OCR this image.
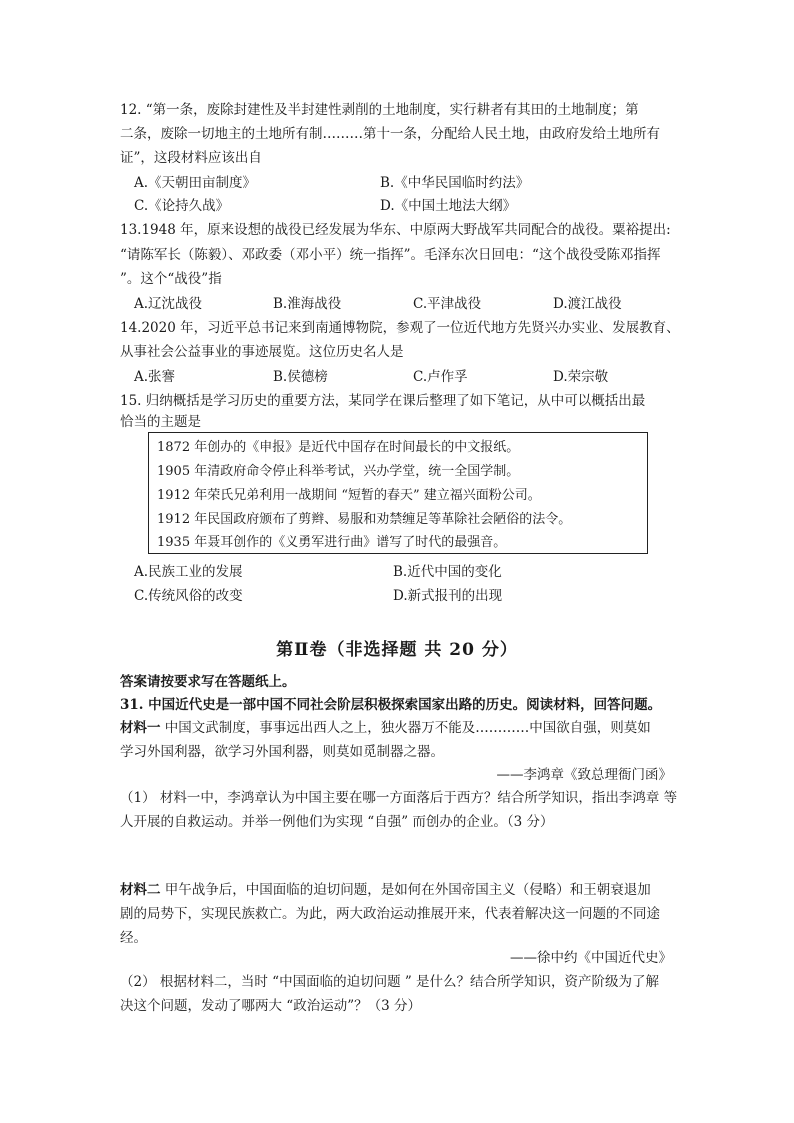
12. “第一条，废除封建性及半封建性剥削的土地制度，实行耕者有其田的土地制度；第
二条，废除一切地主的土地所有制………第十一条，分配给人民土地，由政府发给土地所有
证”，这段材料应该出自
A.《天朝田亩制度》	B.《中华民国临时约法》
C.《论持久战》	D.《中国土地法大纲》
13.1948 年，原来设想的战役已经发展为华东、中原两大野战军共同配合的战役。粟裕提出:
“请陈军长（陈毅）、邓政委（邓小平）统一指挥”。毛泽东次日回电：“这个战役受陈邓指挥
”。这个“战役”指
A.辽沈战役	B.淮海战役	C.平津战役	D.渡江战役
14.2020 年，习近平总书记来到南通博物院，参观了一位近代地方先贤兴办实业、发展教育、
从事社会公益事业的事迹展览。这位历史名人是
A.张謇	B.侯德榜	C.卢作孚	D.荣宗敬
15. 归纳概括是学习历史的重要方法，某同学在课后整理了如下笔记，从中可以概括出最
恰当的主题是
1872 年创办的《申报》是近代中国存在时间最长的中文报纸。
1905 年清政府命令停止科举考试，兴办学堂，统一全国学制。
1912 年荣氏兄弟利用一战期间 “短暂的春天” 建立福兴面粉公司。
1912 年民国政府颁布了剪辫、易服和劝禁缠足等革除社会陋俗的法令。
1935 年聂耳创作的《义勇军进行曲》谱写了时代的最强音。
A.民族工业的发展	B.近代中国的变化
C.传统风俗的改变	D.新式报刊的出现
第Ⅱ卷（非选择题 共 20 分）
答案请按要求写在答题纸上。
31. 中国近代史是一部中国不同社会阶层积极探索国家出路的历史。阅读材料，回答问题。
材料一 中国文武制度，事事远出西人之上，独火器万不能及…………中国欲自强，则莫如
学习外国利器，欲学习外国利器，则莫如觅制器之器。
——李鸿章《致总理衙门函》
（1） 材料一中，李鸿章认为中国主要在哪一方面落后于西方？结合所学知识，指出李鸿章 等
人开展的自救运动。并举一例他们为实现 “自强” 而创办的企业。（3 分）
材料二 甲午战争后，中国面临的迫切问题，是如何在外国帝国主义（侵略）和王朝衰退加
剧的局势下，实现民族救亡。为此，两大政治运动推展开来，代表着解决这一问题的不同途
经。
——徐中约《中国近代史》
（2） 根据材料二，当时 “中国面临的迫切问题 ” 是什么？结合所学知识，资产阶级为了解
决这个问题，发动了哪两大 “政治运动”？（3 分）
